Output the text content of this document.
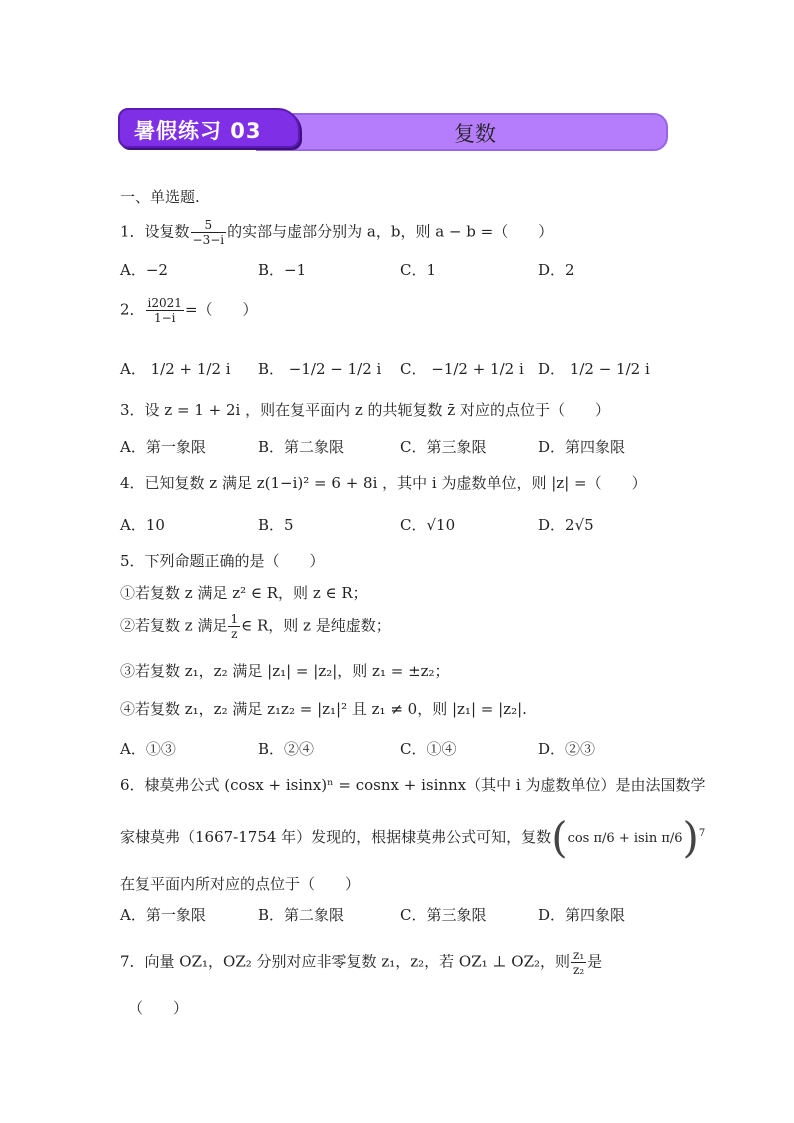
暑假练习 03	复数
一、单选题.
1．设复数 $\frac{5}{-3-i}$ 的实部与虚部分别为 a，b，则 a − b =（　　）
A．−2	B．−1	C．1	D．2
2． $\frac{i2021}{1-i}$ =（　　）
A． 1/2 + 1/2 i B． −1/2 − 1/2 i C． −1/2 + 1/2 i D． 1/2 − 1/2 i
3．设 z = 1 + 2i ，则在复平面内 z 的共轭复数 z̄ 对应的点位于（　　）
A．第一象限	B．第二象限	C．第三象限	D．第四象限
4．已知复数 z 满足 z(1−i)² = 6 + 8i ，其中 i 为虚数单位，则 |z| =（　　）
A．10	B．5	C．√10	D．2√5
5．下列命题正确的是（　　）
①若复数 z 满足 z² ∈ R，则 z ∈ R；
②若复数 z 满足 $\frac{1}{z}$ ∈ R，则 z 是纯虚数；
③若复数 z₁，z₂ 满足 |z₁| = |z₂|，则 z₁ = ±z₂；
④若复数 z₁，z₂ 满足 z₁z₂ = |z₁|² 且 z₁ ≠ 0，则 |z₁| = |z₂|.
A．①③	B．②④	C．①④	D．②③
6．棣莫弗公式 (cosx + isinx)ⁿ = cosnx + isinnx（其中 i 为虚数单位）是由法国数学
家棣莫弗（1667-1754 年）发现的，根据棣莫弗公式可知，复数(cos π/6 + isin π/6)$^7$
在复平面内所对应的点位于（　　）
A．第一象限	B．第二象限	C．第三象限	D．第四象限
7．向量 OZ₁，OZ₂ 分别对应非零复数 z₁，z₂，若 OZ₁ ⊥ OZ₂，则 $\frac{\text{z₁}}{\text{z₂}}$ 是
（　　）
